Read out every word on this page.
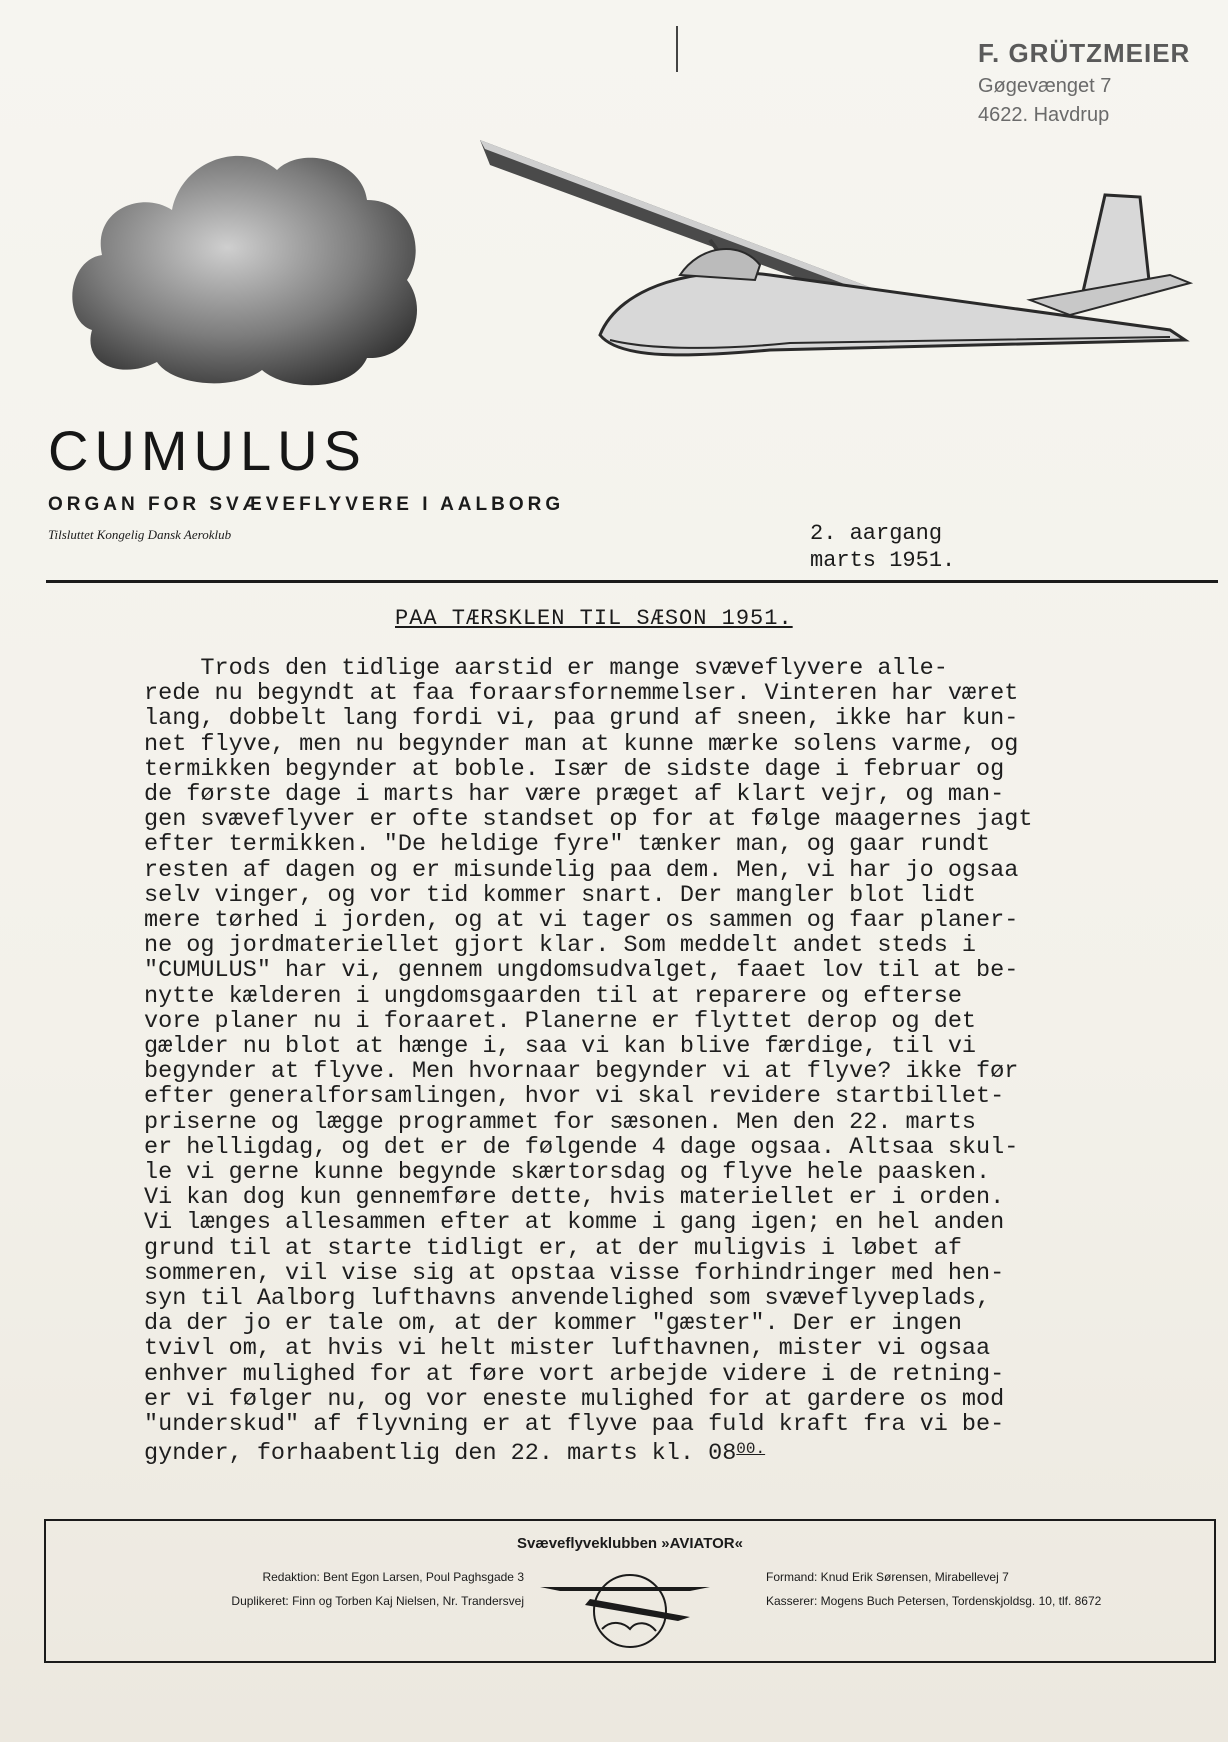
F. GRÜTZMEIER
Gøgevænget 7
4622. Havdrup
CUMULUS
ORGAN FOR SVÆVEFLYVERE I AALBORG
Tilsluttet Kongelig Dansk Aeroklub	2. aargang
marts 1951.
PAA TÆRSKLEN TIL SÆSON 1951.
Trods den tidlige aarstid er mange svæveflyvere alle-
rede nu begyndt at faa foraarsfornemmelser. Vinteren har været
lang, dobbelt lang fordi vi, paa grund af sneen, ikke har kun-
net flyve, men nu begynder man at kunne mærke solens varme, og
termikken begynder at boble. Især de sidste dage i februar og
de første dage i marts har være præget af klart vejr, og man-
gen svæveflyver er ofte standset op for at følge maagernes jagt
efter termikken. "De heldige fyre" tænker man, og gaar rundt
resten af dagen og er misundelig paa dem. Men, vi har jo ogsaa
selv vinger, og vor tid kommer snart. Der mangler blot lidt
mere tørhed i jorden, og at vi tager os sammen og faar planer-
ne og jordmateriellet gjort klar. Som meddelt andet steds i
"CUMULUS" har vi, gennem ungdomsudvalget, faaet lov til at be-
nytte kælderen i ungdomsgaarden til at reparere og efterse
vore planer nu i foraaret. Planerne er flyttet derop og det
gælder nu blot at hænge i, saa vi kan blive færdige, til vi
begynder at flyve. Men hvornaar begynder vi at flyve? ikke før
efter generalforsamlingen, hvor vi skal revidere startbillet-
priserne og lægge programmet for sæsonen. Men den 22. marts
er helligdag, og det er de følgende 4 dage ogsaa. Altsaa skul-
le vi gerne kunne begynde skærtorsdag og flyve hele paasken.
Vi kan dog kun gennemføre dette, hvis materiellet er i orden.
Vi længes allesammen efter at komme i gang igen; en hel anden
grund til at starte tidligt er, at der muligvis i løbet af
sommeren, vil vise sig at opstaa visse forhindringer med hen-
syn til Aalborg lufthavns anvendelighed som svæveflyveplads,
da der jo er tale om, at der kommer "gæster". Der er ingen
tvivl om, at hvis vi helt mister lufthavnen, mister vi ogsaa
enhver mulighed for at føre vort arbejde videre i de retning-
er vi følger nu, og vor eneste mulighed for at gardere os mod
"underskud" af flyvning er at flyve paa fuld kraft fra vi be-
gynder, forhaabentlig den 22. marts kl. $08^{00.}$
Svæveflyveklubben »AVIATOR«
Redaktion: Bent Egon Larsen, Poul Paghsgade 3
Duplikeret: Finn og Torben Kaj Nielsen, Nr. Trandersvej
Formand: Knud Erik Sørensen, Mirabellevej 7
Kasserer: Mogens Buch Petersen, Tordenskjoldsg. 10, tlf. 8672
